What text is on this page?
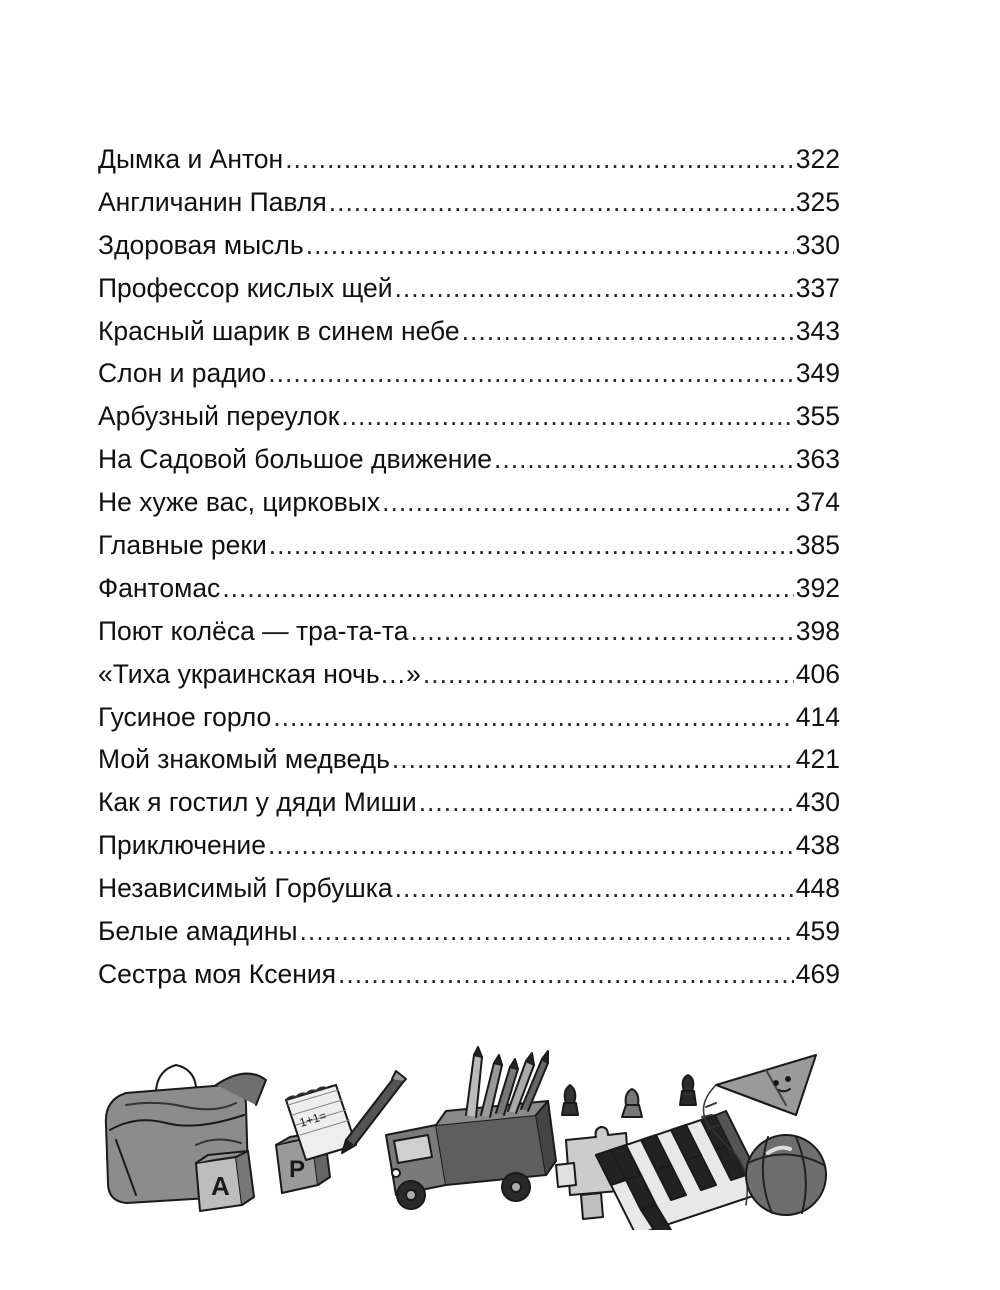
Дымка и Антон .....	322
Англичанин Павля .....	325
Здоровая мысль .....	330
Профессор кислых щей .....	337
Красный шарик в синем небе .....	343
Слон и радио .....	349
Арбузный переулок .....	355
На Садовой большое движение .....	363
Не хуже вас, цирковых .....	374
Главные реки .....	385
Фантомас .....	392
Поют колёса — тра-та-та .....	398
«Тиха украинская ночь…» .....	406
Гусиное горло .....	414
Мой знакомый медведь .....	421
Как я гостил у дяди Миши .....	430
Приключение .....	438
Независимый Горбушка .....	448
Белые амадины .....	459
Сестра моя Ксения .....	469
А
Р
1+1=
